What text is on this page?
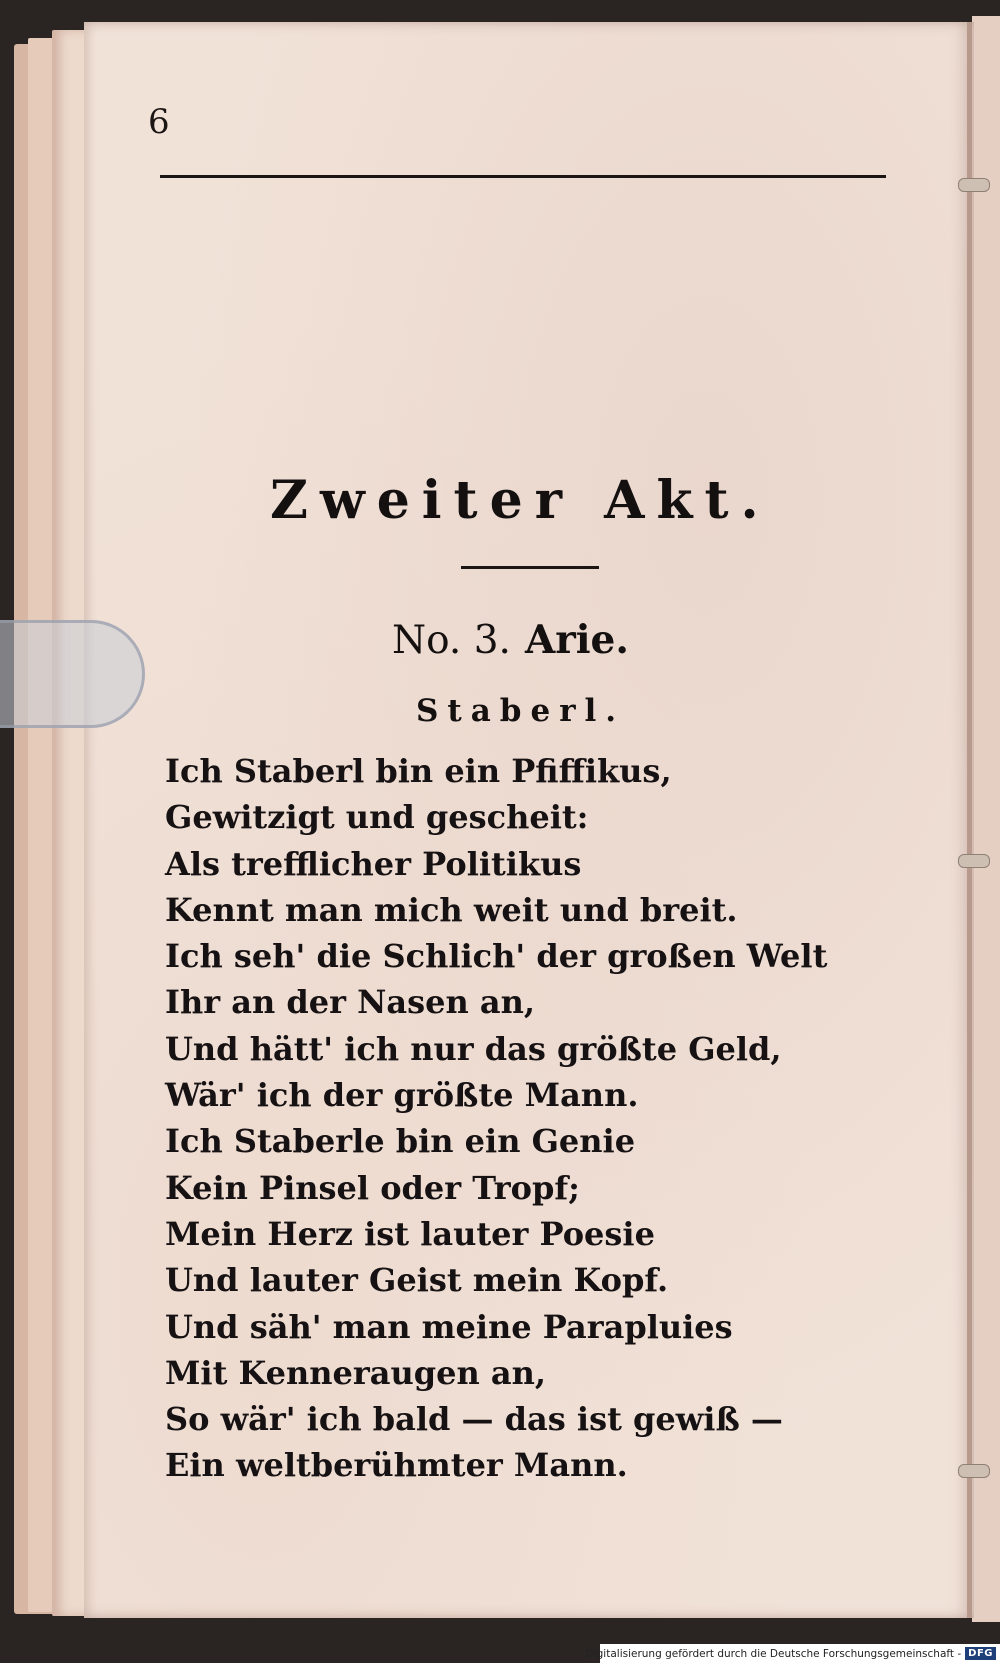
6
Zweiter Akt.
No. 3. Arie.
Staberl.
Ich Staberl bin ein Pfiffikus,
Gewitzigt und gescheit:
Als trefflicher Politikus
Kennt man mich weit und breit.
Ich seh' die Schlich' der großen Welt
Ihr an der Nasen an,
Und hätt' ich nur das größte Geld,
Wär' ich der größte Mann.
Ich Staberle bin ein Genie
Kein Pinsel oder Tropf;
Mein Herz ist lauter Poesie
Und lauter Geist mein Kopf.
Und säh' man meine Parapluies
Mit Kenneraugen an,
So wär' ich bald — das ist gewiß —
Ein weltberühmter Mann.
Digitalisierung gefördert durch die Deutsche Forschungsgemeinschaft - DFG
